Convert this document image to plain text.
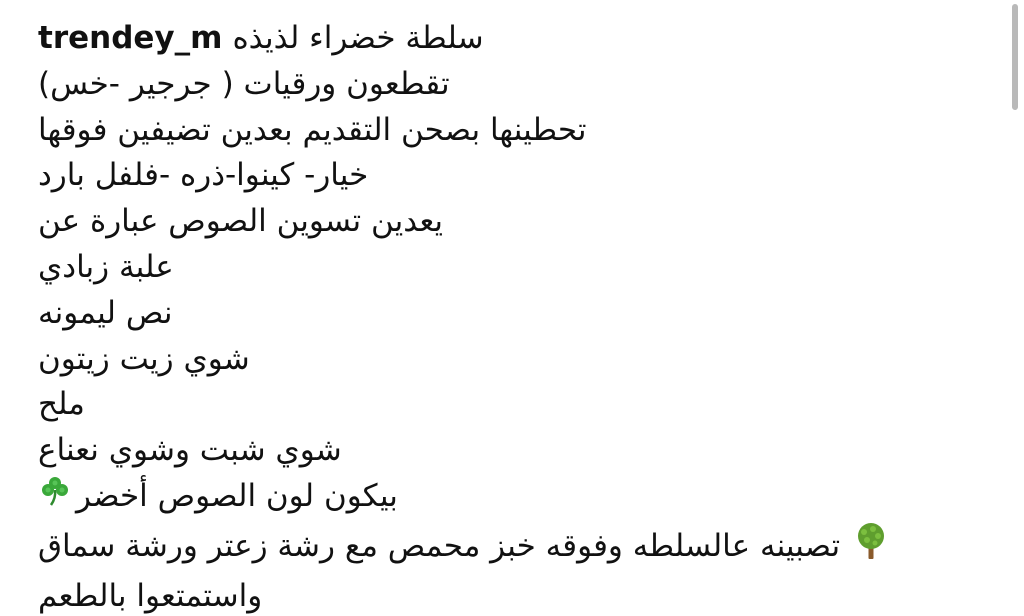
trendey_m سلطة خضراء لذيذه
تقطعون ورقيات ( جرجير -خس)
تحطينها بصحن التقديم بعدين تضيفين فوقها
خيار- كينوا-ذره -فلفل بارد
يعدين تسوين الصوص عبارة عن
علبة زبادي
نص ليمونه
شوي زيت زيتون
ملح
شوي شبت وشوي نعناع
بيكون لون الصوص أخضر
تصبينه عالسلطه وفوقه خبز محمص مع رشة زعتر ورشة سماق
واستمتعوا بالطعم
